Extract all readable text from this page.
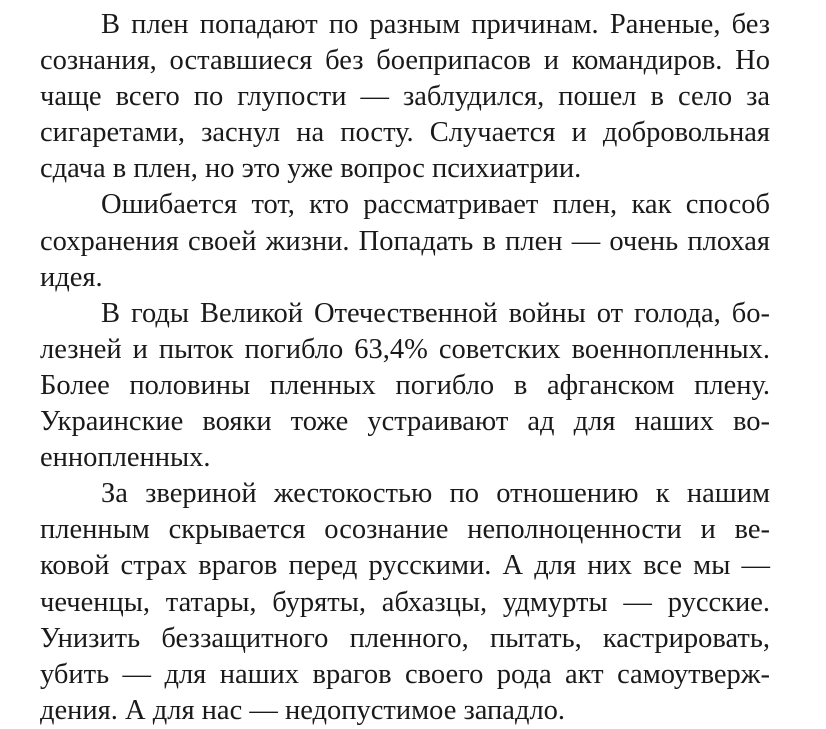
В плен попадают по разным причинам. Раненые, без
сознания, оставшиеся без боеприпасов и командиров. Но
чаще всего по глупости — заблудился, пошел в село за
сигаретами, заснул на посту. Случается и добровольная
сдача в плен, но это уже вопрос психиатрии.

Ошибается тот, кто рассматривает плен, как способ
сохранения своей жизни. Попадать в плен — очень плохая
идея.

В годы Великой Отечественной войны от голода, бо-
лезней и пыток погибло 63,4% советских военнопленных.
Более половины пленных погибло в афганском плену.
Украинские вояки тоже устраивают ад для наших во-
еннопленных.

За звериной жестокостью по отношению к нашим
пленным скрывается осознание неполноценности и ве-
ковой страх врагов перед русскими. А для них все мы —
чеченцы, татары, буряты, абхазцы, удмурты — русские.
Унизить беззащитного пленного, пытать, кастрировать,
убить — для наших врагов своего рода акт самоутверж-
дения. А для нас — недопустимое западло.
